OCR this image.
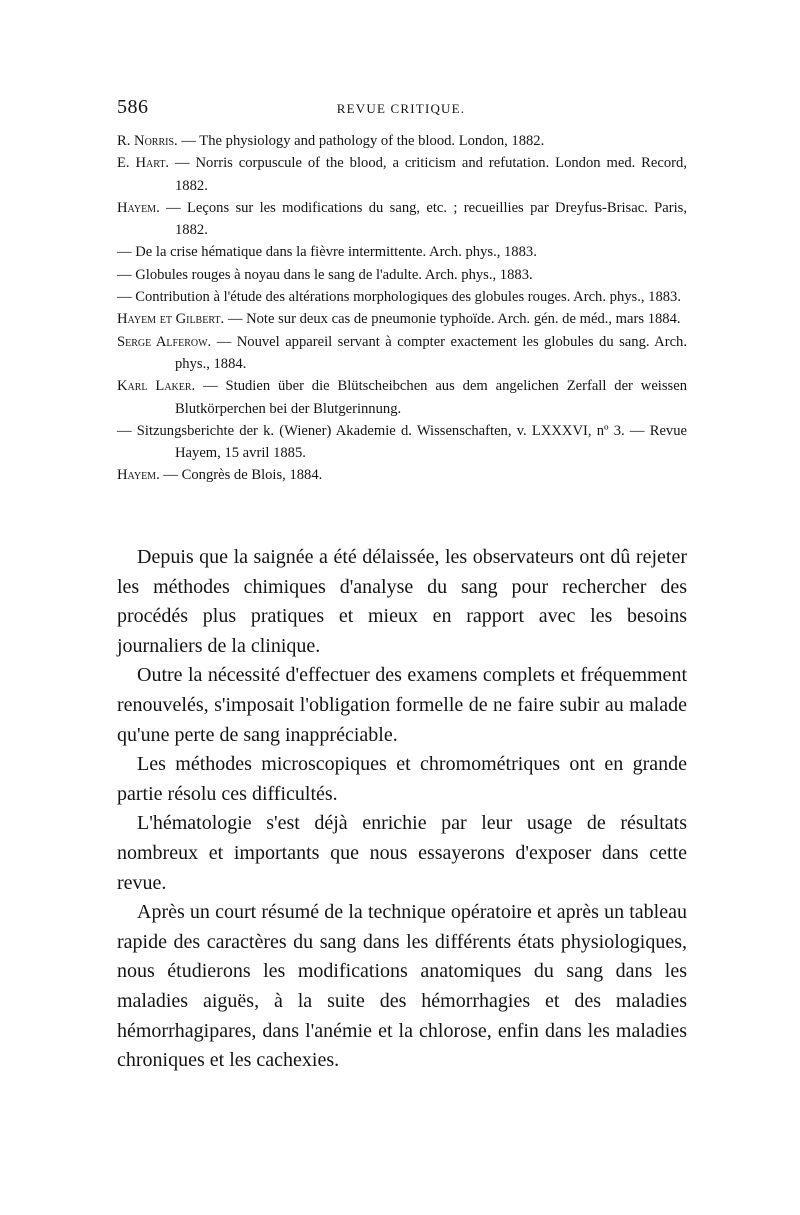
586	REVUE CRITIQUE.
R. Norris. — The physiology and pathology of the blood. London, 1882.
E. Hart. — Norris corpuscule of the blood, a criticism and refutation. London med. Record, 1882.
Hayem. — Leçons sur les modifications du sang, etc. ; recueillies par Dreyfus-Brisac. Paris, 1882.
— De la crise hématique dans la fièvre intermittente. Arch. phys., 1883.
— Globules rouges à noyau dans le sang de l'adulte. Arch. phys., 1883.
— Contribution à l'étude des altérations morphologiques des globules rouges. Arch. phys., 1883.
Hayem et Gilbert. — Note sur deux cas de pneumonie typhoïde. Arch. gén. de méd., mars 1884.
Serge Alferow. — Nouvel appareil servant à compter exactement les globules du sang. Arch. phys., 1884.
Karl Laker. — Studien über die Blütscheibchen aus dem angelichen Zerfall der weissen Blutkörperchen bei der Blutgerinnung.
— Sitzungsberichte der k. (Wiener) Akademie d. Wissenschaften, v. LXXXVI, nº 3. — Revue Hayem, 15 avril 1885.
Hayem. — Congrès de Blois, 1884.

Depuis que la saignée a été délaissée, les observateurs ont dû rejeter les méthodes chimiques d'analyse du sang pour rechercher des procédés plus pratiques et mieux en rapport avec les besoins journaliers de la clinique.

Outre la nécessité d'effectuer des examens complets et fréquemment renouvelés, s'imposait l'obligation formelle de ne faire subir au malade qu'une perte de sang inappréciable.

Les méthodes microscopiques et chromométriques ont en grande partie résolu ces difficultés.

L'hématologie s'est déjà enrichie par leur usage de résultats nombreux et importants que nous essayerons d'exposer dans cette revue.

Après un court résumé de la technique opératoire et après un tableau rapide des caractères du sang dans les différents états physiologiques, nous étudierons les modifications anatomiques du sang dans les maladies aiguës, à la suite des hémorrhagies et des maladies hémorrhagipares, dans l'anémie et la chlorose, enfin dans les maladies chroniques et les cachexies.
